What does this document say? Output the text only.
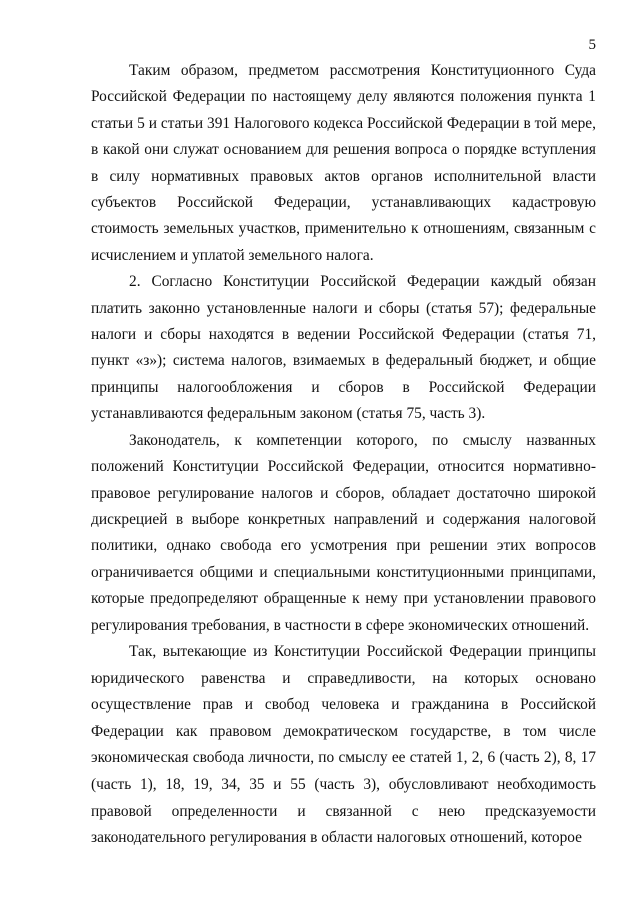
5

Таким образом, предметом рассмотрения Конституционного Суда Российской Федерации по настоящему делу являются положения пункта 1 статьи 5 и статьи 391 Налогового кодекса Российской Федерации в той мере, в какой они служат основанием для решения вопроса о порядке вступления в силу нормативных правовых актов органов исполнительной власти субъектов Российской Федерации, устанавливающих кадастровую стоимость земельных участков, применительно к отношениям, связанным с исчислением и уплатой земельного налога.

2. Согласно Конституции Российской Федерации каждый обязан платить законно установленные налоги и сборы (статья 57); федеральные налоги и сборы находятся в ведении Российской Федерации (статья 71, пункт «з»); система налогов, взимаемых в федеральный бюджет, и общие принципы налогообложения и сборов в Российской Федерации устанавливаются федеральным законом (статья 75, часть 3).

Законодатель, к компетенции которого, по смыслу названных положений Конституции Российской Федерации, относится нормативно-правовое регулирование налогов и сборов, обладает достаточно широкой дискрецией в выборе конкретных направлений и содержания налоговой политики, однако свобода его усмотрения при решении этих вопросов ограничивается общими и специальными конституционными принципами, которые предопределяют обращенные к нему при установлении правового регулирования требования, в частности в сфере экономических отношений.

Так, вытекающие из Конституции Российской Федерации принципы юридического равенства и справедливости, на которых основано осуществление прав и свобод человека и гражданина в Российской Федерации как правовом демократическом государстве, в том числе экономическая свобода личности, по смыслу ее статей 1, 2, 6 (часть 2), 8, 17 (часть 1), 18, 19, 34, 35 и 55 (часть 3), обусловливают необходимость правовой определенности и связанной с нею предсказуемости законодательного регулирования в области налоговых отношений, которое
